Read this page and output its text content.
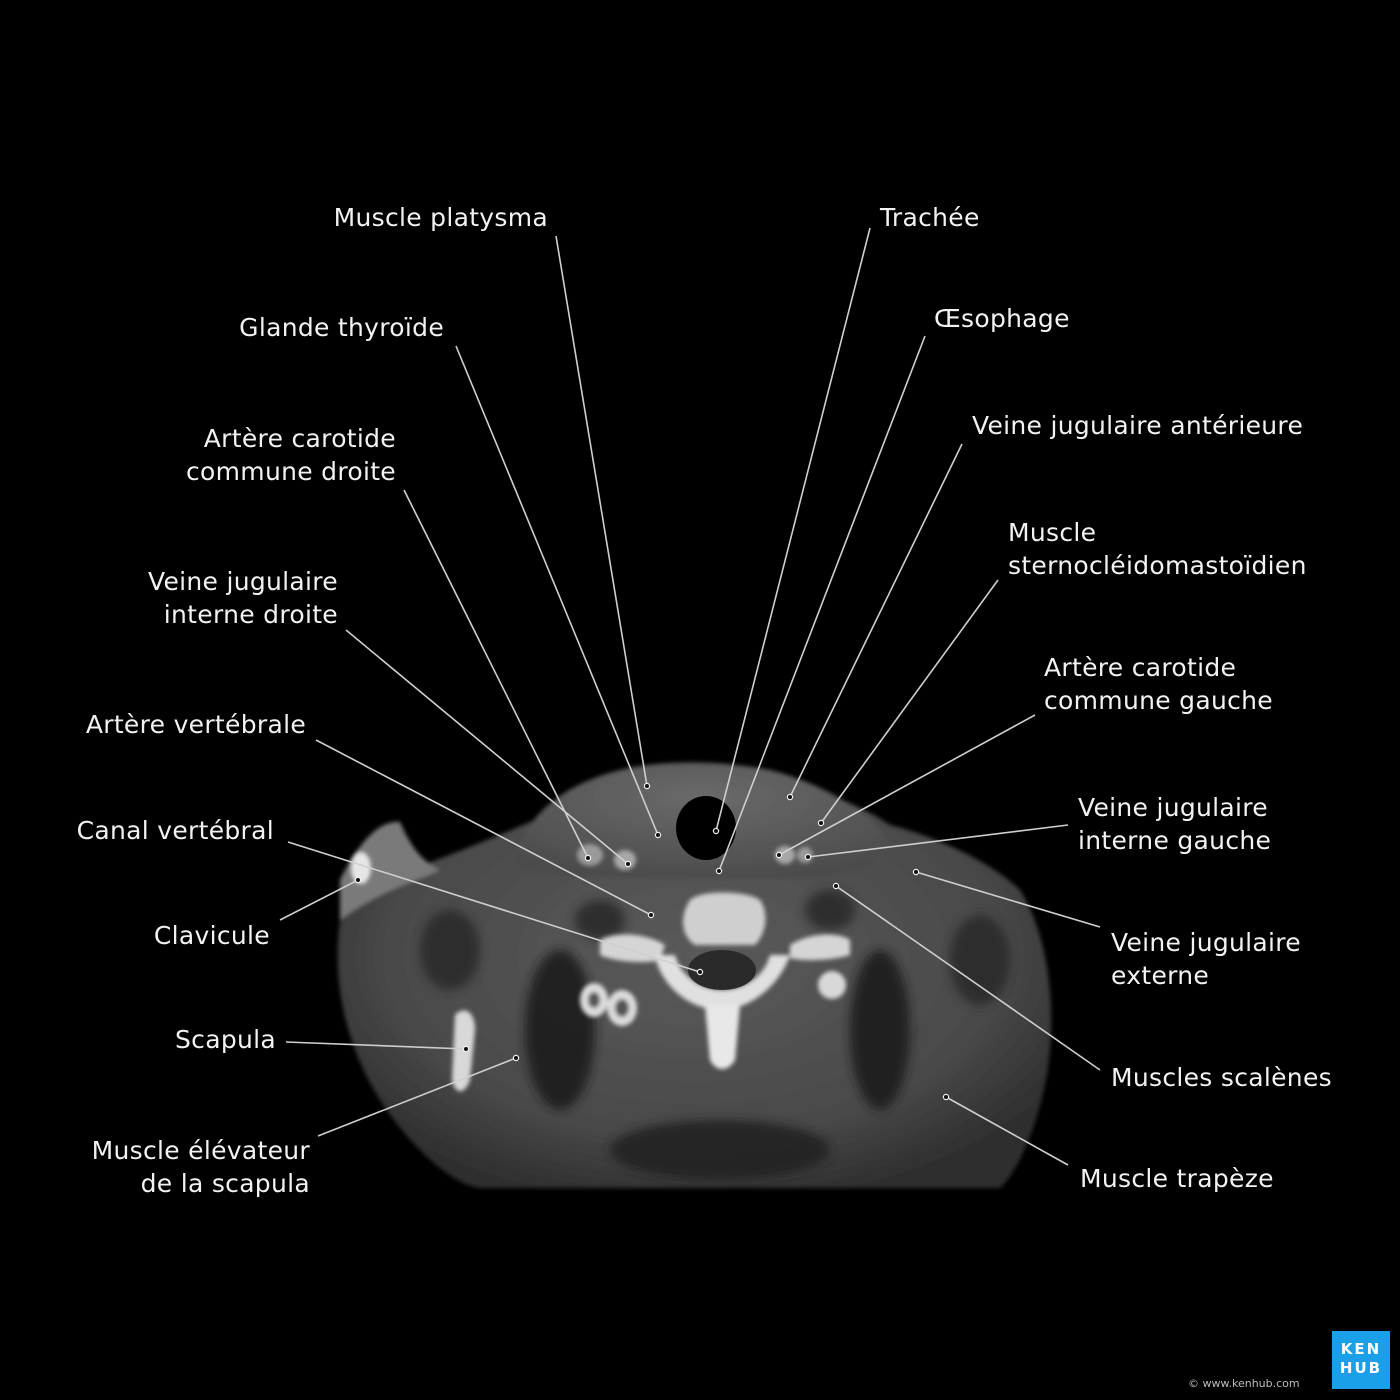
Muscle platysma
Glande thyroïde
Artère carotide
commune droite
Veine jugulaire
interne droite
Artère vertébrale
Canal vertébral
Clavicule
Scapula
Muscle élévateur
de la scapula
Trachée
Œsophage
Veine jugulaire antérieure
Muscle
sternocléidomastoïdien
Artère carotide
commune gauche
Veine jugulaire
interne gauche
Veine jugulaire
externe
Muscles scalènes
Muscle trapèze
KEN
HUB
© www.kenhub.com
